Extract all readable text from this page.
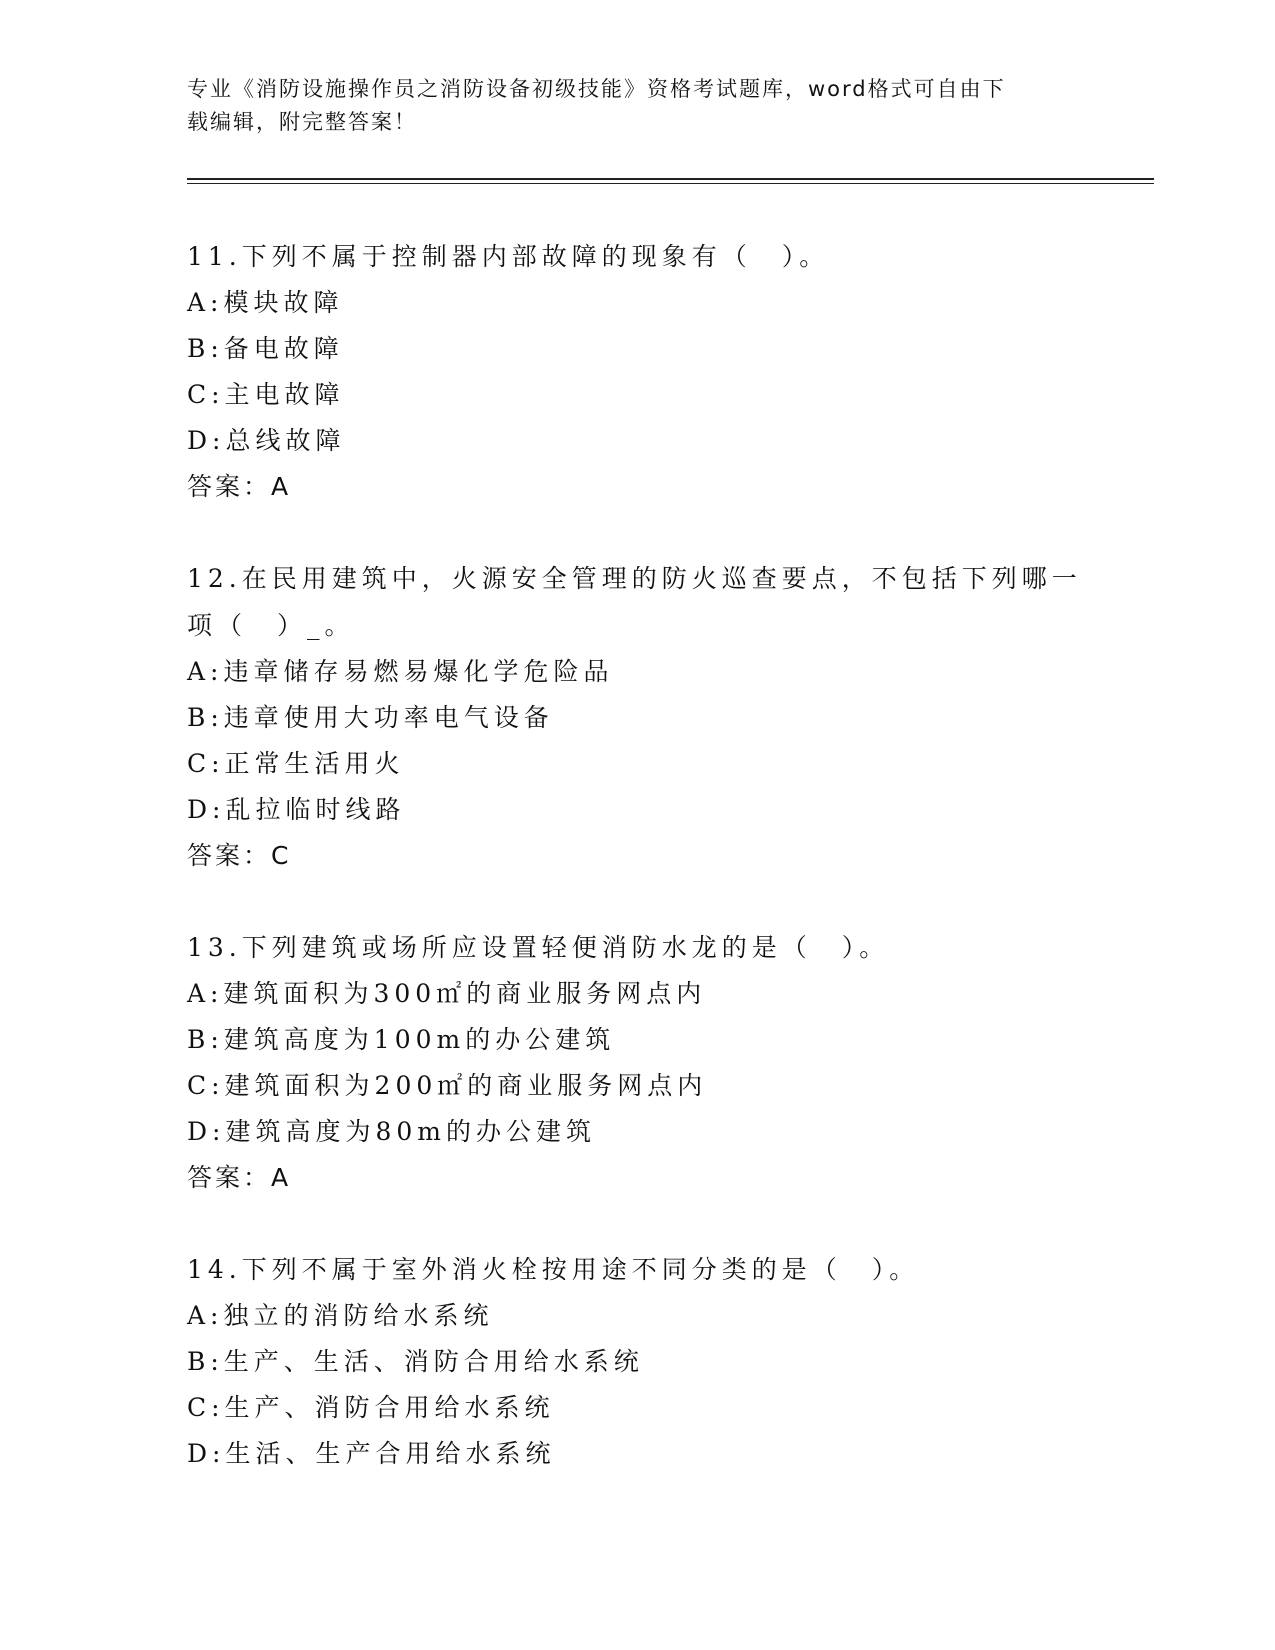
专业《消防设施操作员之消防设备初级技能》资格考试题库，word格式可自由下
载编辑，附完整答案！

11.下列不属于控制器内部故障的现象有（　）。

A:模块故障

B:备电故障

C:主电故障

D:总线故障

答案：A

12.在民用建筑中，火源安全管理的防火巡查要点，不包括下列哪一项（　）_。

A:违章储存易燃易爆化学危险品

B:违章使用大功率电气设备

C:正常生活用火

D:乱拉临时线路

答案：C

13.下列建筑或场所应设置轻便消防水龙的是（　）。

A:建筑面积为300㎡的商业服务网点内

B:建筑高度为100m的办公建筑

C:建筑面积为200㎡的商业服务网点内

D:建筑高度为80m的办公建筑

答案：A

14.下列不属于室外消火栓按用途不同分类的是（　）。

A:独立的消防给水系统

B:生产、生活、消防合用给水系统

C:生产、消防合用给水系统

D:生活、生产合用给水系统
